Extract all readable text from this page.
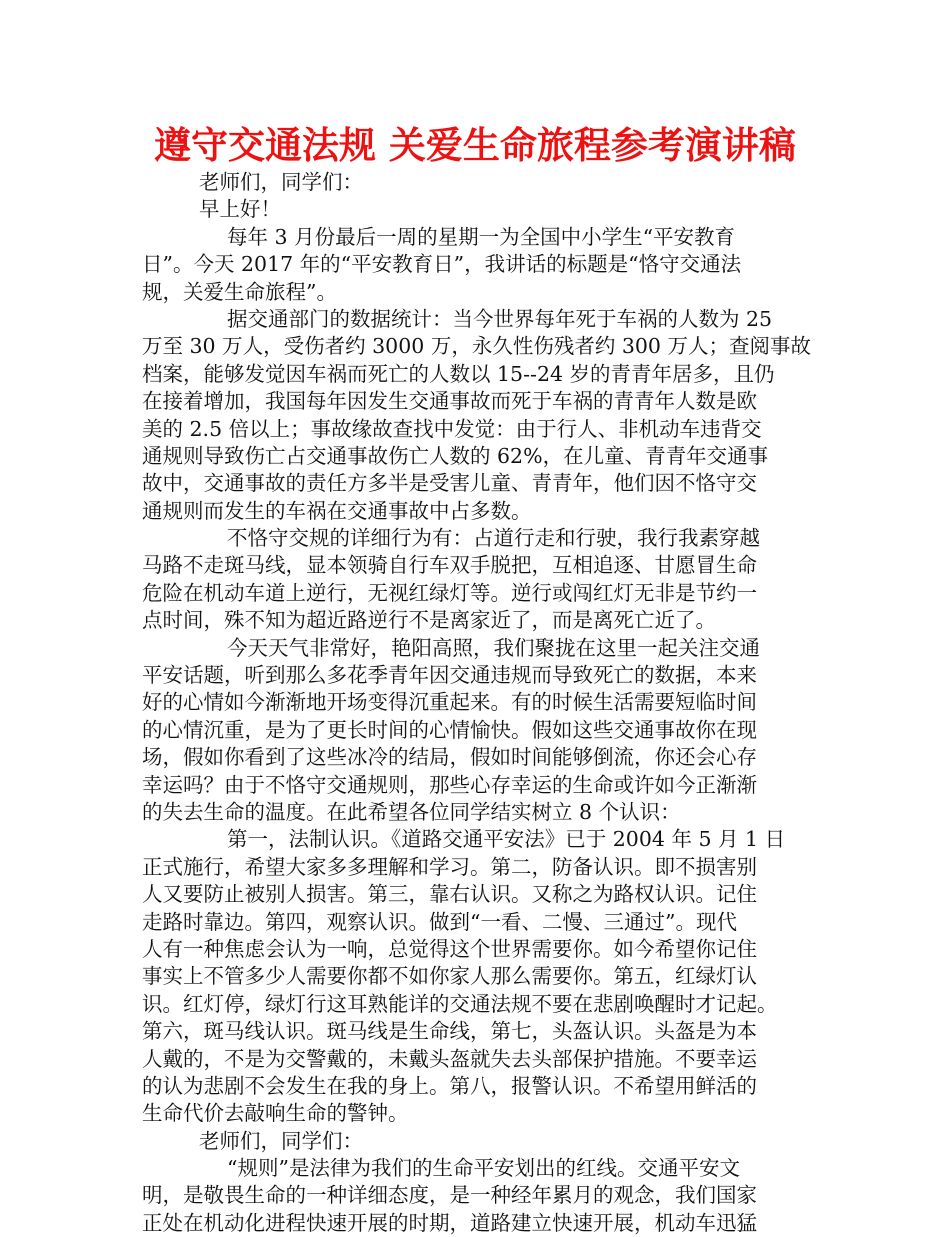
遵守交通法规 关爱生命旅程参考演讲稿
老师们，同学们：
早上好！
每年 3 月份最后一周的星期一为全国中小学生“平安教育
日”。今天 2017 年的“平安教育日”，我讲话的标题是“恪守交通法
规，关爱生命旅程”。
据交通部门的数据统计：当今世界每年死于车祸的人数为 25
万至 30 万人，受伤者约 3000 万，永久性伤残者约 300 万人；查阅事故
档案，能够发觉因车祸而死亡的人数以 15--24 岁的青青年居多，且仍
在接着增加，我国每年因发生交通事故而死于车祸的青青年人数是欧
美的 2.5 倍以上；事故缘故查找中发觉：由于行人、非机动车违背交
通规则导致伤亡占交通事故伤亡人数的 62%，在儿童、青青年交通事
故中，交通事故的责任方多半是受害儿童、青青年，他们因不恪守交
通规则而发生的车祸在交通事故中占多数。
不恪守交规的详细行为有：占道行走和行驶，我行我素穿越
马路不走斑马线，显本领骑自行车双手脱把，互相追逐、甘愿冒生命
危险在机动车道上逆行，无视红绿灯等。逆行或闯红灯无非是节约一
点时间，殊不知为超近路逆行不是离家近了，而是离死亡近了。
今天天气非常好，艳阳高照，我们聚拢在这里一起关注交通
平安话题，听到那么多花季青年因交通违规而导致死亡的数据，本来
好的心情如今渐渐地开场变得沉重起来。有的时候生活需要短临时间
的心情沉重，是为了更长时间的心情愉快。假如这些交通事故你在现
场，假如你看到了这些冰冷的结局，假如时间能够倒流，你还会心存
幸运吗？由于不恪守交通规则，那些心存幸运的生命或许如今正渐渐
的失去生命的温度。在此希望各位同学结实树立 8 个认识：
第一，法制认识。《道路交通平安法》已于 2004 年 5 月 1 日
正式施行，希望大家多多理解和学习。第二，防备认识。即不损害别
人又要防止被别人损害。第三，靠右认识。又称之为路权认识。记住
走路时靠边。第四，观察认识。做到“一看、二慢、三通过”。现代
人有一种焦虑会认为一响，总觉得这个世界需要你。如今希望你记住
事实上不管多少人需要你都不如你家人那么需要你。第五，红绿灯认
识。红灯停，绿灯行这耳熟能详的交通法规不要在悲剧唤醒时才记起。
第六，斑马线认识。斑马线是生命线，第七，头盔认识。头盔是为本
人戴的，不是为交警戴的，未戴头盔就失去头部保护措施。不要幸运
的认为悲剧不会发生在我的身上。第八，报警认识。不希望用鲜活的
生命代价去敲响生命的警钟。
老师们，同学们：
“规则”是法律为我们的生命平安划出的红线。交通平安文
明，是敬畏生命的一种详细态度，是一种经年累月的观念，我们国家
正处在机动化进程快速开展的时期，道路建立快速开展，机动车迅猛
